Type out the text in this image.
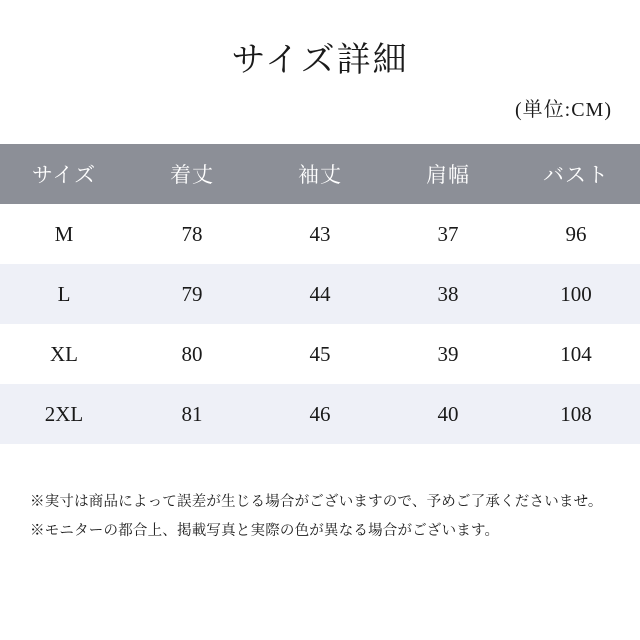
サイズ詳細
(単位:CM)
サイズ	着丈	袖丈	肩幅	バスト
M	78	43	37	96
L	79	44	38	100
XL	80	45	39	104
2XL	81	46	40	108
※実寸は商品によって誤差が生じる場合がございますので、予めご了承くださいませ。
※モニターの都合上、掲載写真と実際の色が異なる場合がございます。
